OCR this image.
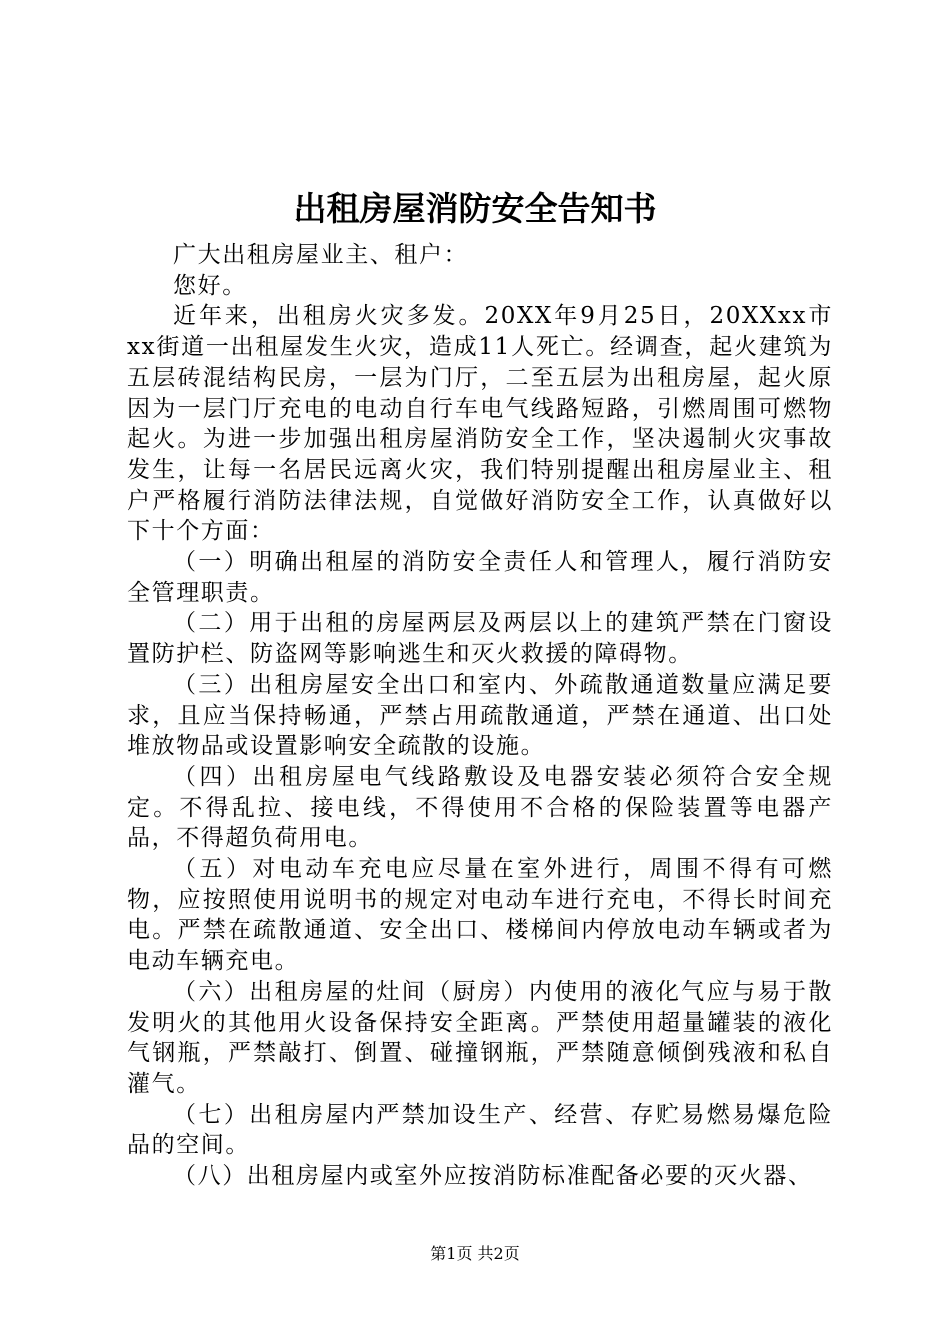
出租房屋消防安全告知书

广大出租房屋业主、租户：

您好。

近年来，出租房火灾多发。20XX年9月25日，20XXxx市xx街道一出租屋发生火灾，造成11人死亡。经调查，起火建筑为五层砖混结构民房，一层为门厅，二至五层为出租房屋，起火原因为一层门厅充电的电动自行车电气线路短路，引燃周围可燃物起火。为进一步加强出租房屋消防安全工作，坚决遏制火灾事故发生，让每一名居民远离火灾，我们特别提醒出租房屋业主、租户严格履行消防法律法规，自觉做好消防安全工作，认真做好以下十个方面：

（一）明确出租屋的消防安全责任人和管理人，履行消防安全管理职责。

（二）用于出租的房屋两层及两层以上的建筑严禁在门窗设置防护栏、防盗网等影响逃生和灭火救援的障碍物。

（三）出租房屋安全出口和室内、外疏散通道数量应满足要求，且应当保持畅通，严禁占用疏散通道，严禁在通道、出口处堆放物品或设置影响安全疏散的设施。

（四）出租房屋电气线路敷设及电器安装必须符合安全规定。不得乱拉、接电线，不得使用不合格的保险装置等电器产品，不得超负荷用电。

（五）对电动车充电应尽量在室外进行，周围不得有可燃物，应按照使用说明书的规定对电动车进行充电，不得长时间充电。严禁在疏散通道、安全出口、楼梯间内停放电动车辆或者为电动车辆充电。

（六）出租房屋的灶间（厨房）内使用的液化气应与易于散发明火的其他用火设备保持安全距离。严禁使用超量罐装的液化气钢瓶，严禁敲打、倒置、碰撞钢瓶，严禁随意倾倒残液和私自灌气。

（七）出租房屋内严禁加设生产、经营、存贮易燃易爆危险品的空间。

（八）出租房屋内或室外应按消防标准配备必要的灭火器、

第1页 共2页
